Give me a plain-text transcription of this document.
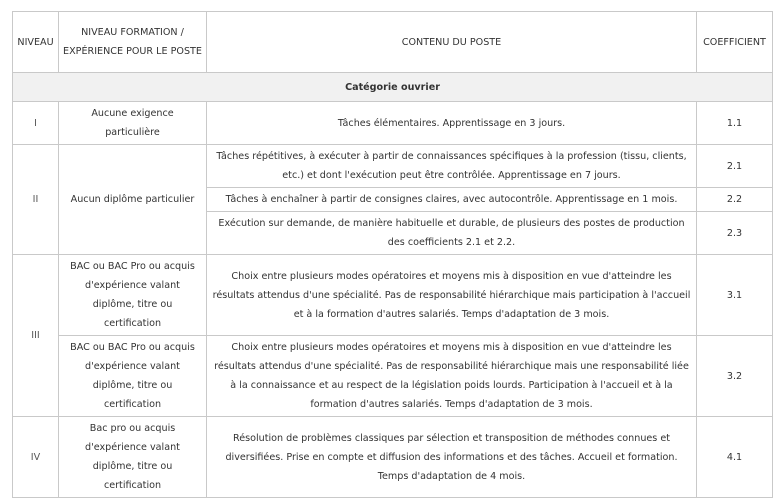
NIVEAU	NIVEAU FORMATION / EXPÉRIENCE POUR LE POSTE	CONTENU DU POSTE	COEFFICIENT
Catégorie ouvrier			
I	Aucune exigence particulière	Tâches élémentaires. Apprentissage en 3 jours.	1.1
II	Aucun diplôme particulier	Tâches répétitives, à exécuter à partir de connaissances spécifiques à la profession (tissu, clients, etc.) et dont l'exécution peut être contrôlée. Apprentissage en 7 jours.	2.1
		Tâches à enchaîner à partir de consignes claires, avec autocontrôle. Apprentissage en 1 mois.	2.2
		Exécution sur demande, de manière habituelle et durable, de plusieurs des postes de production des coefficients 2.1 et 2.2.	2.3
III	BAC ou BAC Pro ou acquis d'expérience valant diplôme, titre ou certification	Choix entre plusieurs modes opératoires et moyens mis à disposition en vue d'atteindre les résultats attendus d'une spécialité. Pas de responsabilité hiérarchique mais participation à l'accueil et à la formation d'autres salariés. Temps d'adaptation de 3 mois.	3.1
	BAC ou BAC Pro ou acquis d'expérience valant diplôme, titre ou certification	Choix entre plusieurs modes opératoires et moyens mis à disposition en vue d'atteindre les résultats attendus d'une spécialité. Pas de responsabilité hiérarchique mais une responsabilité liée à la connaissance et au respect de la législation poids lourds. Participation à l'accueil et à la formation d'autres salariés. Temps d'adaptation de 3 mois.	3.2
IV	Bac pro ou acquis d'expérience valant diplôme, titre ou certification	Résolution de problèmes classiques par sélection et transposition de méthodes connues et diversifiées. Prise en compte et diffusion des informations et des tâches. Accueil et formation. Temps d'adaptation de 4 mois.	4.1
